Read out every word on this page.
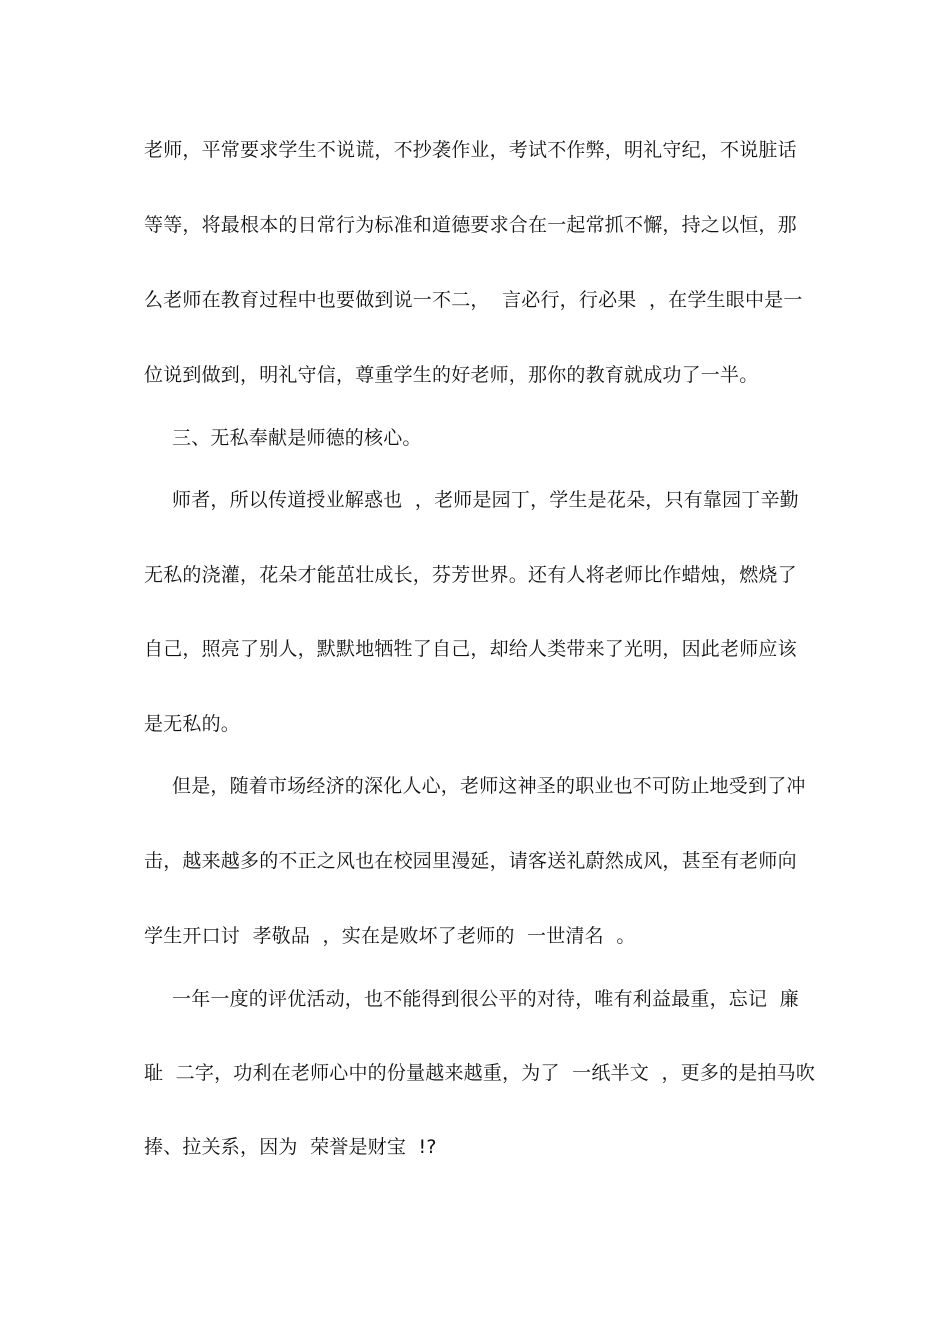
老师，平常要求学生不说谎，不抄袭作业，考试不作弊，明礼守纪，不说脏话
等等，将最根本的日常行为标准和道德要求合在一起常抓不懈，持之以恒，那
么老师在教育过程中也要做到说一不二，  言必行，行必果  ，在学生眼中是一
位说到做到，明礼守信，尊重学生的好老师，那你的教育就成功了一半。
三、无私奉献是师德的核心。
师者，所以传道授业解惑也  ，老师是园丁，学生是花朵，只有靠园丁辛勤
无私的浇灌，花朵才能茁壮成长，芬芳世界。还有人将老师比作蜡烛，燃烧了
自己，照亮了别人，默默地牺牲了自己，却给人类带来了光明，因此老师应该
是无私的。
但是，随着市场经济的深化人心，老师这神圣的职业也不可防止地受到了冲
击，越来越多的不正之风也在校园里漫延，请客送礼蔚然成风，甚至有老师向
学生开口讨  孝敬品  ，实在是败坏了老师的  一世清名  。
一年一度的评优活动，也不能得到很公平的对待，唯有利益最重，忘记  廉
耻  二字，功利在老师心中的份量越来越重，为了  一纸半文  ，更多的是拍马吹
捧、拉关系，因为  荣誉是财宝  !?
